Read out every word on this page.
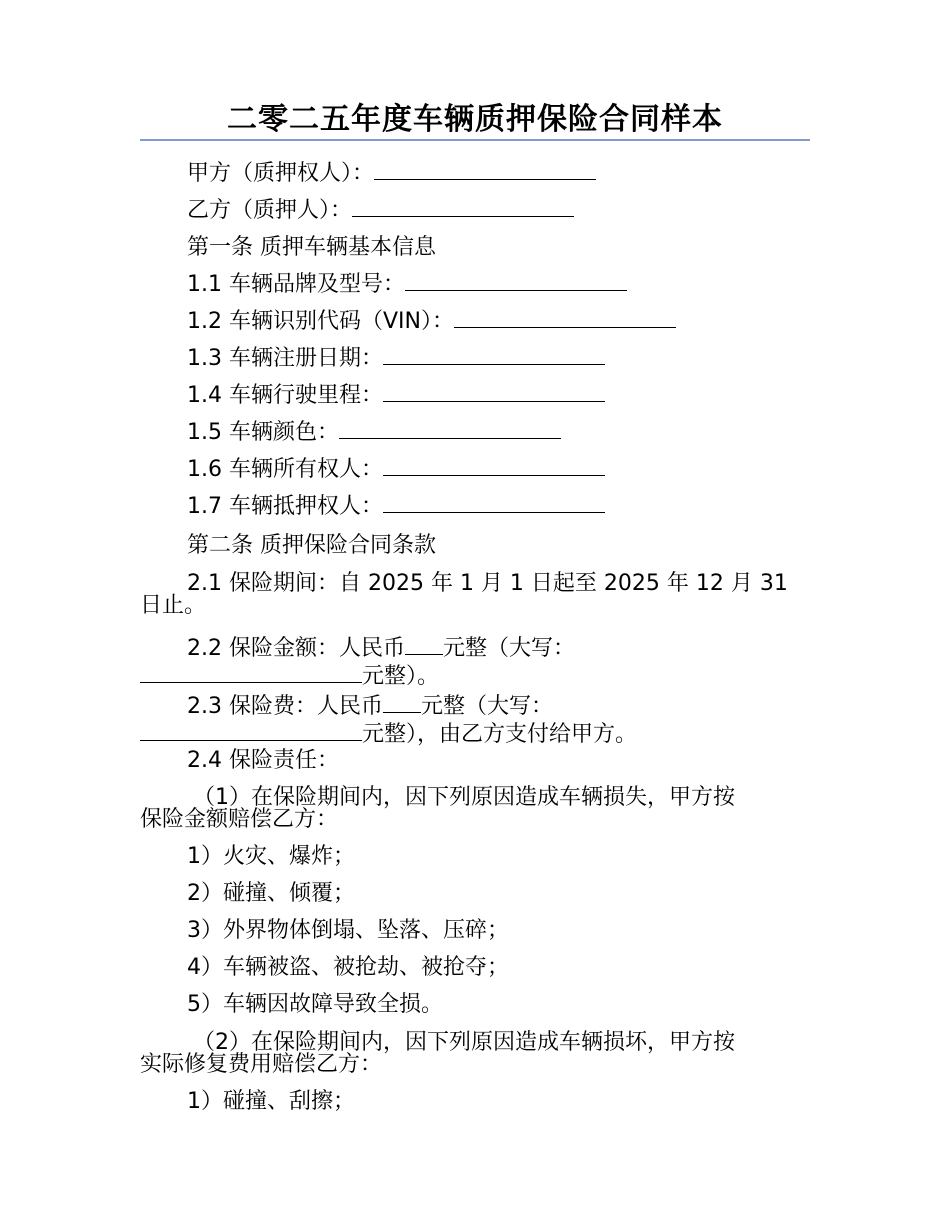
二零二五年度车辆质押保险合同样本
甲方（质押权人）：
乙方（质押人）：
第一条 质押车辆基本信息
1.1 车辆品牌及型号：
1.2 车辆识别代码（VIN）：
1.3 车辆注册日期：
1.4 车辆行驶里程：
1.5 车辆颜色：
1.6 车辆所有权人：
1.7 车辆抵押权人：
第二条 质押保险合同条款
2.1 保险期间：自 2025 年 1 月 1 日起至 2025 年 12 月 31
日止。
2.2 保险金额：人民币 元整（大写：
元整）。
2.3 保险费：人民币 元整（大写：
元整），由乙方支付给甲方。
2.4 保险责任：
（1）在保险期间内，因下列原因造成车辆损失，甲方按
保险金额赔偿乙方：
1）火灾、爆炸；
2）碰撞、倾覆；
3）外界物体倒塌、坠落、压碎；
4）车辆被盗、被抢劫、被抢夺；
5）车辆因故障导致全损。
（2）在保险期间内，因下列原因造成车辆损坏，甲方按
实际修复费用赔偿乙方：
1）碰撞、刮擦；
